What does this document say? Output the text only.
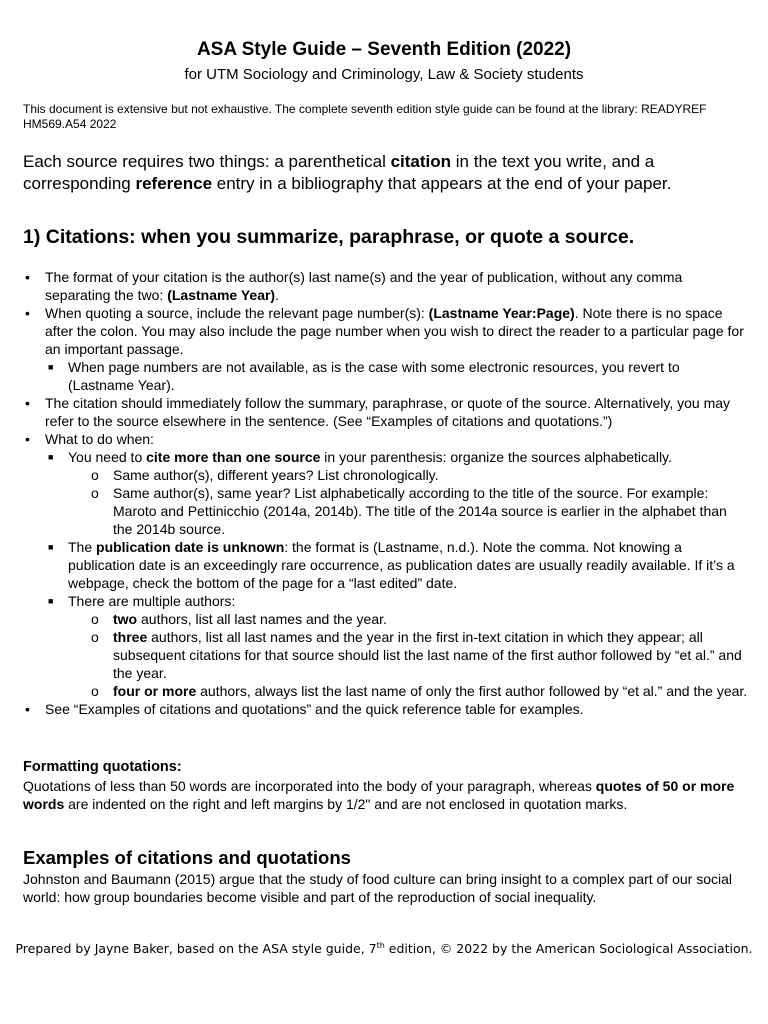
ASA Style Guide – Seventh Edition (2022)
for UTM Sociology and Criminology, Law & Society students
This document is extensive but not exhaustive. The complete seventh edition style guide can be found at the library: READYREF HM569.A54 2022
Each source requires two things: a parenthetical citation in the text you write, and a corresponding reference entry in a bibliography that appears at the end of your paper.
1) Citations: when you summarize, paraphrase, or quote a source.
• The format of your citation is the author(s) last name(s) and the year of publication, without any comma separating the two: (Lastname Year).
• When quoting a source, include the relevant page number(s): (Lastname Year:Page). Note there is no space after the colon. You may also include the page number when you wish to direct the reader to a particular page for an important passage.
■ When page numbers are not available, as is the case with some electronic resources, you revert to (Lastname Year).
• The citation should immediately follow the summary, paraphrase, or quote of the source. Alternatively, you may refer to the source elsewhere in the sentence. (See “Examples of citations and quotations.”)
• What to do when:
■ You need to cite more than one source in your parenthesis: organize the sources alphabetically.
o Same author(s), different years? List chronologically.
o Same author(s), same year? List alphabetically according to the title of the source. For example: Maroto and Pettinicchio (2014a, 2014b). The title of the 2014a source is earlier in the alphabet than the 2014b source.
■ The publication date is unknown: the format is (Lastname, n.d.). Note the comma. Not knowing a publication date is an exceedingly rare occurrence, as publication dates are usually readily available. If it’s a webpage, check the bottom of the page for a “last edited” date.
■ There are multiple authors:
o two authors, list all last names and the year.
o three authors, list all last names and the year in the first in-text citation in which they appear; all subsequent citations for that source should list the last name of the first author followed by “et al.” and the year.
o four or more authors, always list the last name of only the first author followed by “et al.” and the year.
• See “Examples of citations and quotations” and the quick reference table for examples.
Formatting quotations:
Quotations of less than 50 words are incorporated into the body of your paragraph, whereas quotes of 50 or more words are indented on the right and left margins by 1/2" and are not enclosed in quotation marks.
Examples of citations and quotations
Johnston and Baumann (2015) argue that the study of food culture can bring insight to a complex part of our social world: how group boundaries become visible and part of the reproduction of social inequality.
Prepared by Jayne Baker, based on the ASA style guide, 7th edition, © 2022 by the American Sociological Association.
